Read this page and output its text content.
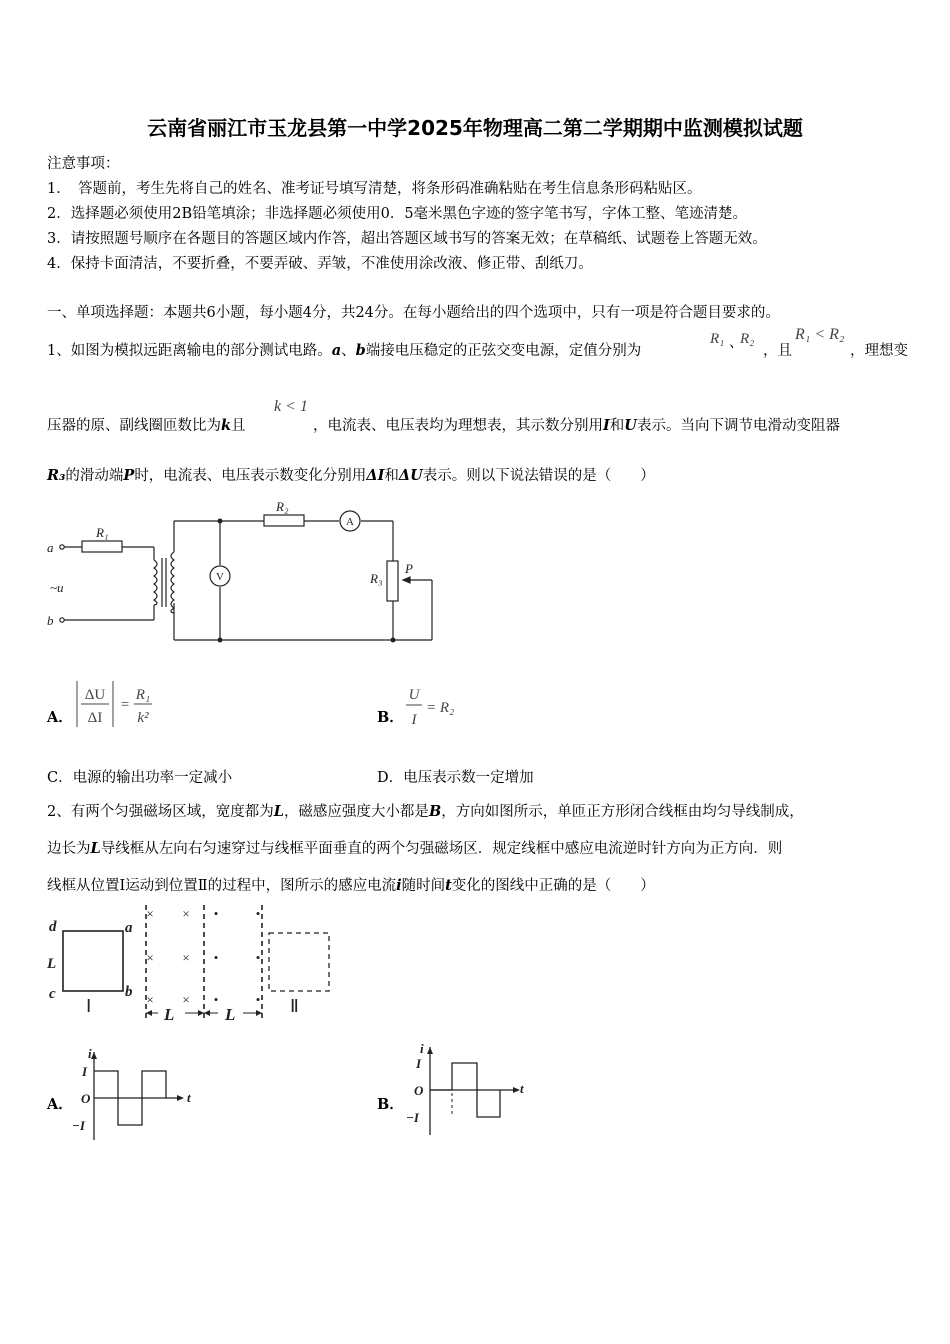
云南省丽江市玉龙县第一中学2025年物理高二第二学期期中监测模拟试题
注意事项：
1．　答题前，考生先将自己的姓名、准考证号填写清楚，将条形码准确粘贴在考生信息条形码粘贴区。
2．选择题必须使用2B铅笔填涂；非选择题必须使用0．5毫米黑色字迹的签字笔书写，字体工整、笔迹清楚。
3．请按照题号顺序在各题目的答题区域内作答，超出答题区域书写的答案无效；在草稿纸、试题卷上答题无效。
4．保持卡面清洁，不要折叠，不要弄破、弄皱，不准使用涂改液、修正带、刮纸刀。
一、单项选择题：本题共6小题，每小题4分，共24分。在每小题给出的四个选项中，只有一项是符合题目要求的。
1、如图为模拟远距离输电的部分测试电路。a、b端接电压稳定的正弦交变电源，定值分别为
R₁ 、
R₂
，且
R₁ < R₂
，理想变
压器的原、副线圈匝数比为k且
k < 1
，电流表、电压表均为理想表，其示数分别用I和U表示。当向下调节电滑动变阻器
R₃的滑动端P时，电流表、电压表示数变化分别用ΔI和ΔU表示。则以下说法错误的是（　　）
a
b
~u
R₁
R₂
R₃
P
A
V
A．
ΔU
ΔI
=
R₁
k²	B．
U
I
= R₂
C．电源的输出功率一定减小	D．电压表示数一定增加
2、有两个匀强磁场区域，宽度都为L，磁感应强度大小都是B，方向如图所示，单匝正方形闭合线框由均匀导线制成，
边长为L导线框从左向右匀速穿过与线框平面垂直的两个匀强磁场区．规定线框中感应电流逆时针方向为正方向．则
线框从位置Ⅰ运动到位置Ⅱ的过程中，图所示的感应电流i随时间t变化的图线中正确的是（　　）
d	a
c	b
L
L	L
Ⅰ	Ⅱ
×
×
×
×
×
×
•
•
•
•
•
•
A．
i
t
I
O
−I
B．
i
t
I
O
−I
